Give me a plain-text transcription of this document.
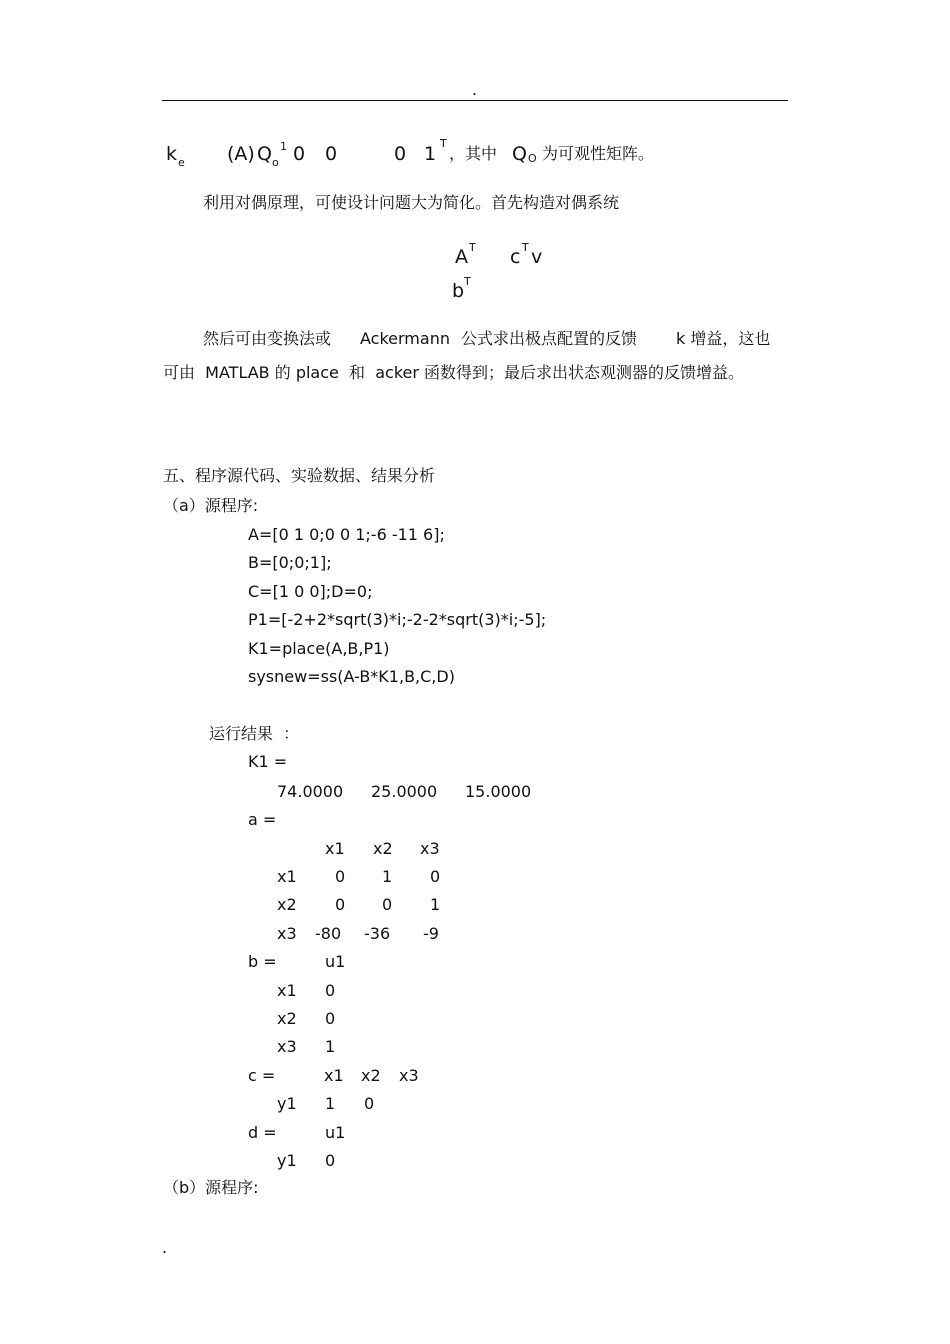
.
k e (A) Q o
1 0 0	0 1 T
，其中 Q O 为可观性矩阵。
利用对偶原理，可使设计问题大为简化。首先构造对偶系统
A T c T v
b T
然后可由变换法或 Ackermann 公式求出极点配置的反馈 k 增益，这也
可由  MATLAB 的 place  和  acker 函数得到；最后求出状态观测器的反馈增益。
五、程序源代码、实验数据、结果分析
（a）源程序:
A=[0 1 0;0 0 1;-6 -11 6];
B=[0;0;1];
C=[1 0 0];D=0;
P1=[-2+2*sqrt(3)*i;-2-2*sqrt(3)*i;-5];
K1=place(A,B,P1)
sysnew=ss(A-B*K1,B,C,D)
运行结果  ：
K1 =
74.0000 25.0000 15.0000
a =
x1 x2 x3
x1 0 1 0
x2 0 0 1
x3 -80 -36 -9
b =	u1
x1 0
x2 0
x3 1
c =	x1 x2 x3
y1 1 0
d =	u1
y1 0
（b）源程序:
.
